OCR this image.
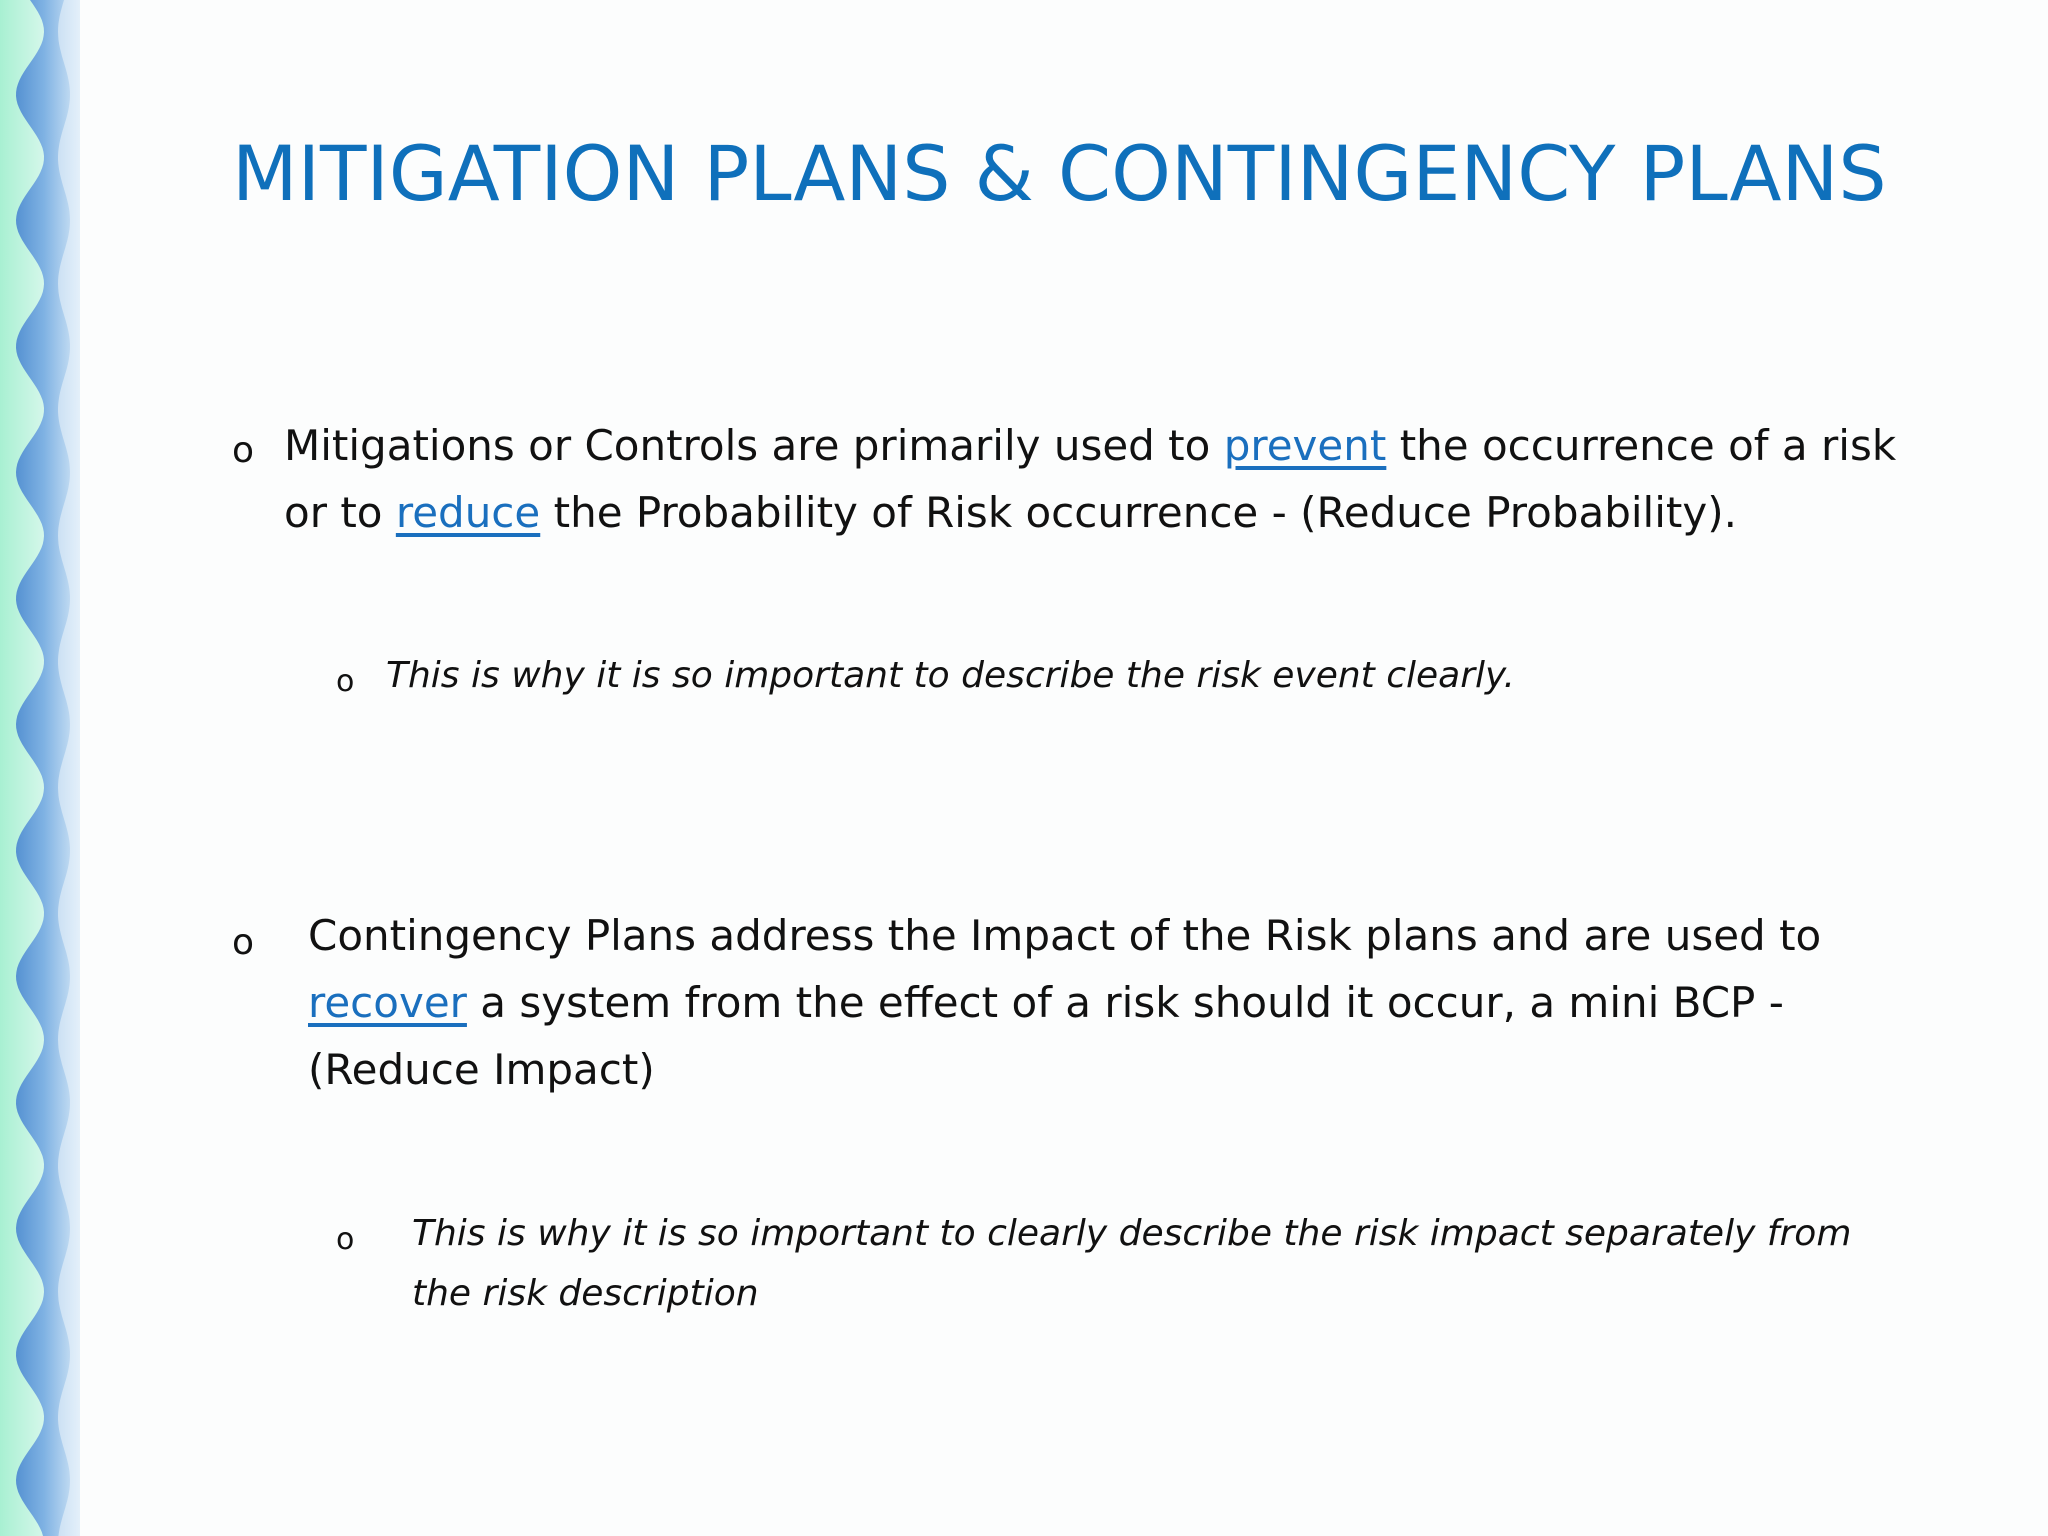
MITIGATION PLANS & CONTINGENCY PLANS
o Mitigations or Controls are primarily used to prevent the occurrence of a risk or to reduce the Probability of Risk occurrence - (Reduce Probability).

o This is why it is so important to describe the risk event clearly.

o Contingency Plans address the Impact of the Risk plans and are used to recover a system from the effect of a risk should it occur, a mini BCP - (Reduce Impact)

o This is why it is so important to clearly describe the risk impact separately from the risk description
